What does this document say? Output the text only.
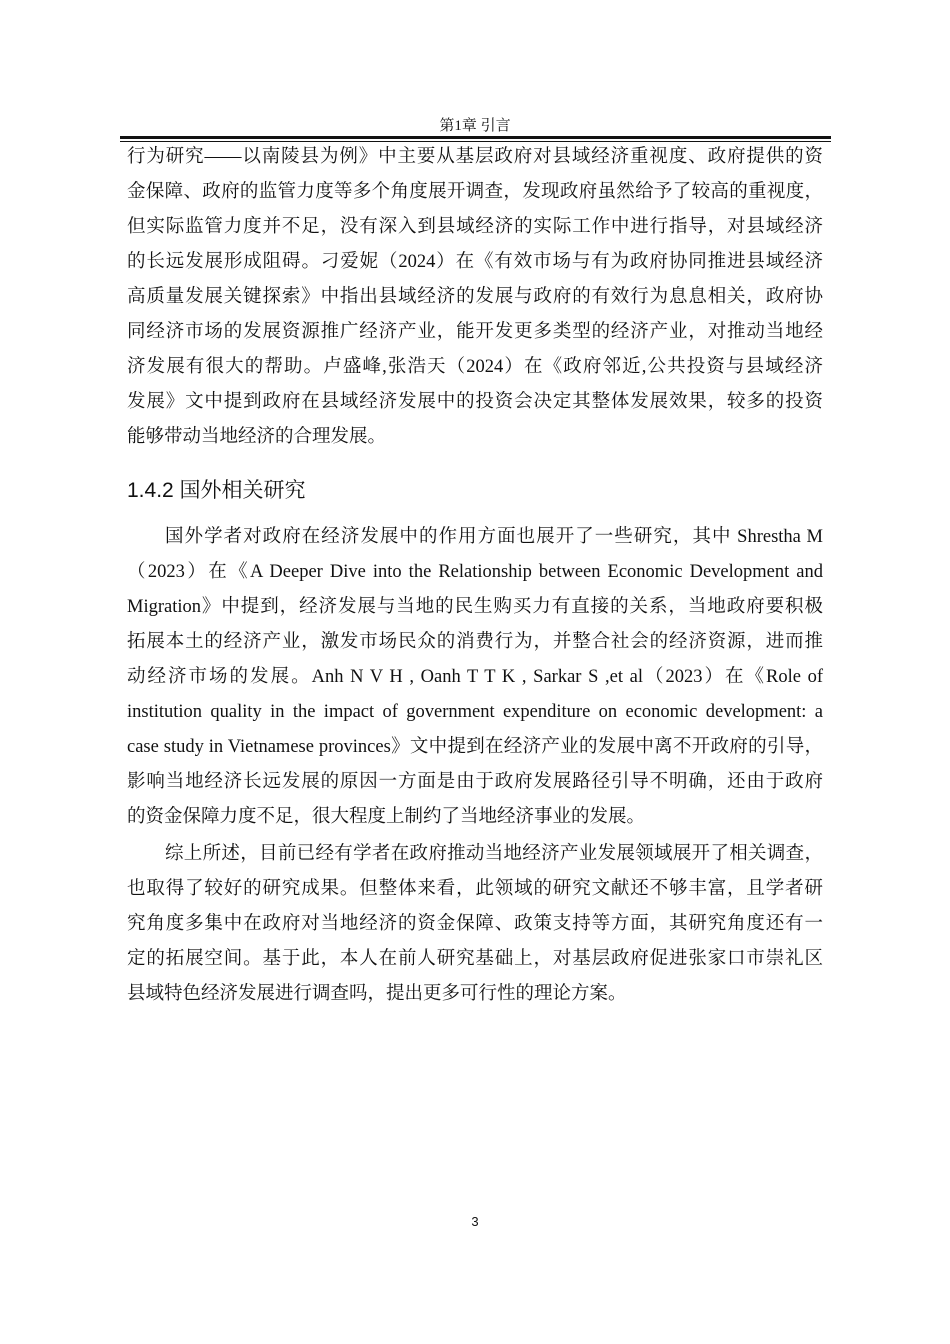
第1章 引言
行为研究——以南陵县为例》中主要从基层政府对县域经济重视度、政府提供的资
金保障、政府的监管力度等多个角度展开调查，发现政府虽然给予了较高的重视度，
但实际监管力度并不足，没有深入到县域经济的实际工作中进行指导，对县域经济
的长远发展形成阻碍。刁爱妮（2024）在《有效市场与有为政府协同推进县域经济
高质量发展关键探索》中指出县域经济的发展与政府的有效行为息息相关，政府协
同经济市场的发展资源推广经济产业，能开发更多类型的经济产业，对推动当地经
济发展有很大的帮助。卢盛峰,张浩天（2024）在《政府邻近,公共投资与县域经济
发展》文中提到政府在县域经济发展中的投资会决定其整体发展效果，较多的投资
能够带动当地经济的合理发展。
1.4.2 国外相关研究
国外学者对政府在经济发展中的作用方面也展开了一些研究，其中 Shrestha M
（2023）在《A Deeper Dive into the Relationship between Economic Development and
Migration》中提到，经济发展与当地的民生购买力有直接的关系，当地政府要积极
拓展本土的经济产业，激发市场民众的消费行为，并整合社会的经济资源，进而推
动经济市场的发展。Anh N V H , Oanh T T K , Sarkar S ,et al（2023）在《Role of
institution quality in the impact of government expenditure on economic development: a
case study in Vietnamese provinces》文中提到在经济产业的发展中离不开政府的引导，
影响当地经济长远发展的原因一方面是由于政府发展路径引导不明确，还由于政府
的资金保障力度不足，很大程度上制约了当地经济事业的发展。
综上所述，目前已经有学者在政府推动当地经济产业发展领域展开了相关调查，
也取得了较好的研究成果。但整体来看，此领域的研究文献还不够丰富，且学者研
究角度多集中在政府对当地经济的资金保障、政策支持等方面，其研究角度还有一
定的拓展空间。基于此，本人在前人研究基础上，对基层政府促进张家口市崇礼区
县域特色经济发展进行调查吗，提出更多可行性的理论方案。
3
